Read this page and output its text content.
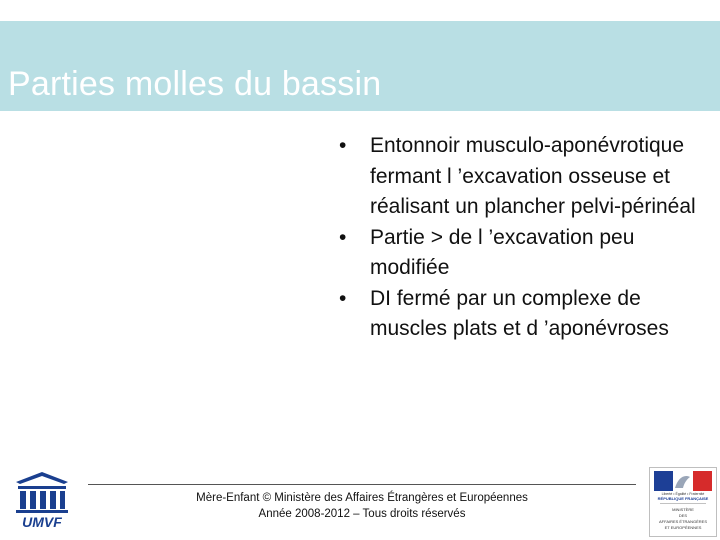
Parties molles du bassin
•	Entonnoir musculo-aponévrotique fermant l ’excavation osseuse et réalisant un plancher pelvi-périnéal
•	Partie > de l ’excavation peu modifiée
•	DI fermé par un complexe de muscles plats et d ’aponévroses
UMVF
Mère-Enfant © Ministère des Affaires Étrangères et Européennes
Année 2008-2012 – Tous droits réservés
Liberté • Égalité • Fraternité
RÉPUBLIQUE FRANÇAISE
MINISTÈRE
DES
AFFAIRES ÉTRANGÈRES
ET EUROPÉENNES
